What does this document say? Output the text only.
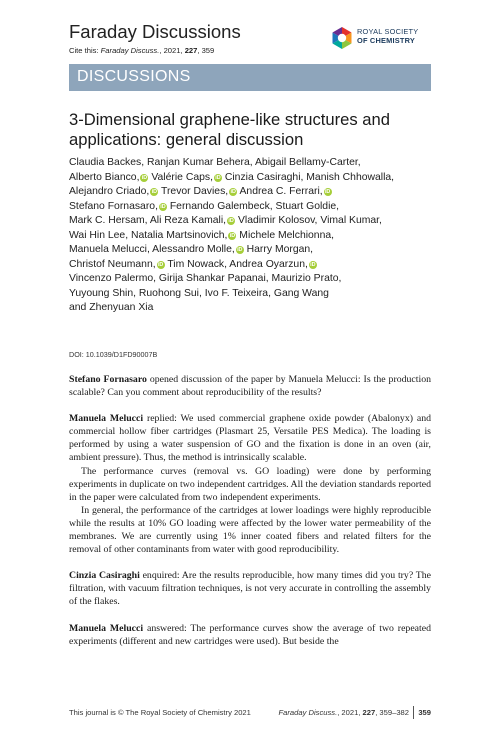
Faraday Discussions
Cite this: Faraday Discuss., 2021, 227, 359
ROYAL SOCIETY
OF CHEMISTRY
DISCUSSIONS
3-Dimensional graphene-like structures and applications: general discussion

Claudia Backes, Ranjan Kumar Behera, Abigail Bellamy-Carter,

Alberto Bianco, iD Valérie Caps, iD Cinzia Casiraghi, Manish Chhowalla,

Alejandro Criado, iD Trevor Davies, iD Andrea C. Ferrari, iD

Stefano Fornasaro, iD Fernando Galembeck, Stuart Goldie,

Mark C. Hersam, Ali Reza Kamali, iD Vladimir Kolosov, Vimal Kumar,

Wai Hin Lee, Natalia Martsinovich, iD Michele Melchionna,

Manuela Melucci, Alessandro Molle, iD Harry Morgan,

Christof Neumann, iD Tim Nowack, Andrea Oyarzun, iD

Vincenzo Palermo, Girija Shankar Papanai, Maurizio Prato,

Yuyoung Shin, Ruohong Sui, Ivo F. Teixeira, Gang Wang

and Zhenyuan Xia

DOI: 10.1039/D1FD90007B

Stefano Fornasaro opened discussion of the paper by Manuela Melucci: Is the production scalable? Can you comment about reproducibility of the results?

Manuela Melucci replied: We used commercial graphene oxide powder (Abalonyx) and commercial hollow fiber cartridges (Plasmart 25, Versatile PES Medica). The loading is performed by using a water suspension of GO and the fixation is done in an oven (air, ambient pressure). Thus, the method is intrinsically scalable.

The performance curves (removal vs. GO loading) were done by performing experiments in duplicate on two independent cartridges. All the deviation standards reported in the paper were calculated from two independent experiments.

In general, the performance of the cartridges at lower loadings were highly reproducible while the results at 10% GO loading were affected by the lower water permeability of the membranes. We are currently using 1% inner coated fibers and related filters for the removal of other contaminants from water with good reproducibility.

Cinzia Casiraghi enquired: Are the results reproducible, how many times did you try? The filtration, with vacuum filtration techniques, is not very accurate in controlling the assembly of the flakes.

Manuela Melucci answered: The performance curves show the average of two repeated experiments (different and new cartridges were used). But beside the

This journal is © The Royal Society of Chemistry 2021	Faraday Discuss., 2021, 227, 359–382 359
